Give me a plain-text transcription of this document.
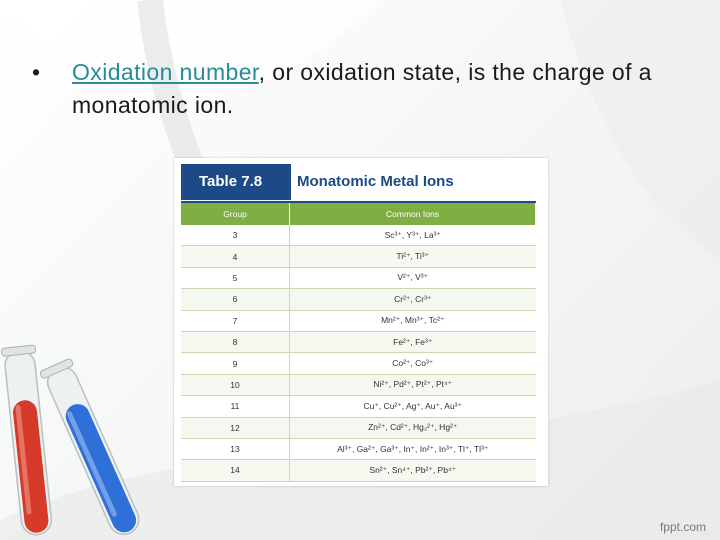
•	Oxidation number, or oxidation state, is the charge of a monatomic ion.
Table 7.8	Monatomic Metal Ions
Group	Common Ions
3	Sc³⁺, Y³⁺, La³⁺
4	Ti²⁺, Ti³⁺
5	V²⁺, V³⁺
6	Cr²⁺, Cr³⁺
7	Mn²⁺, Mn³⁺, Tc²⁺
8	Fe²⁺, Fe³⁺
9	Co²⁺, Co³⁺
10	Ni²⁺, Pd²⁺, Pt²⁺, Pt⁴⁺
11	Cu⁺, Cu²⁺, Ag⁺, Au⁺, Au³⁺
12	Zn²⁺, Cd²⁺, Hg₂²⁺, Hg²⁺
13	Al³⁺, Ga²⁺, Ga³⁺, In⁺, In²⁺, In³⁺, Tl⁺, Tl³⁺
14	Sn²⁺, Sn⁴⁺, Pb²⁺, Pb⁴⁺
fppt.com
